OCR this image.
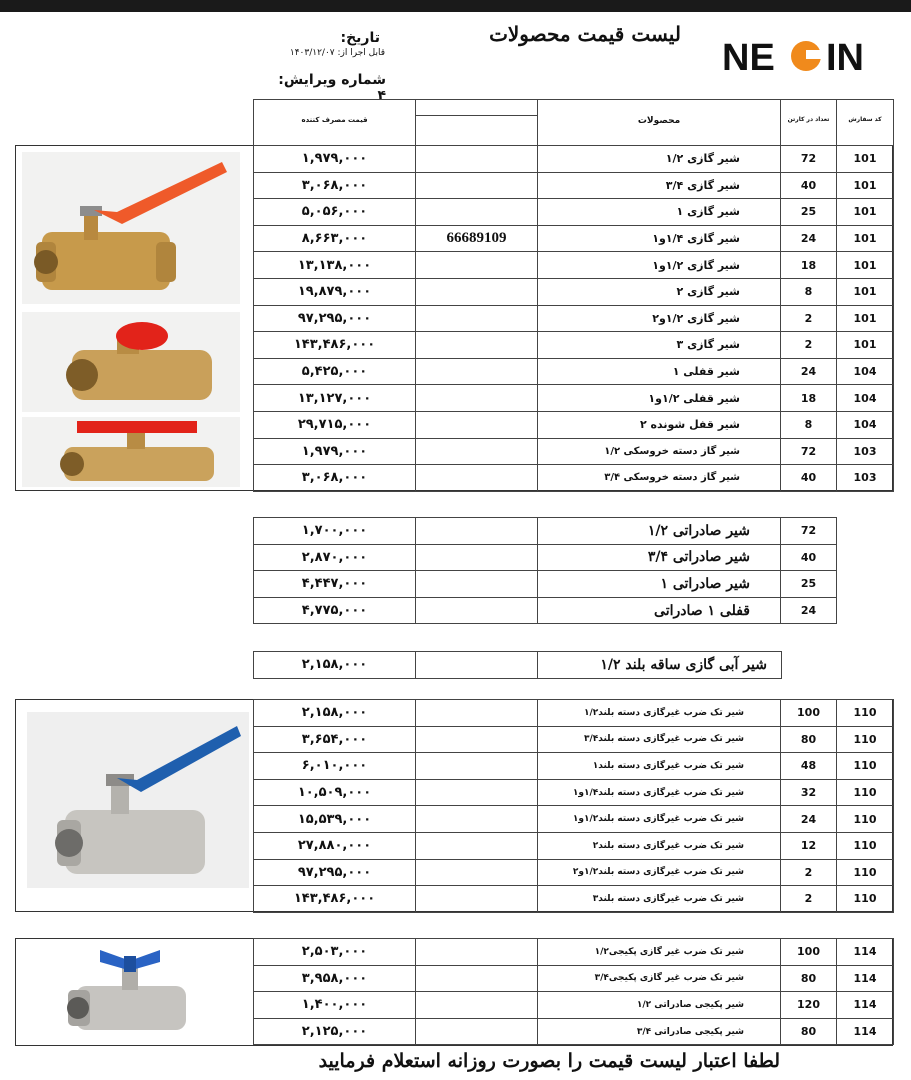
NE IN
لیست قیمت محصولات
تاریخ:
قابل اجرا از: ۱۴۰۳/۱۲/۰۷
شماره ویرایش: ۴

قیمت مصرف کننده		محصولات	تعداد در کارتن	کد سفارش
۱,۹۷۹,۰۰۰		شیر گازی ۱/۲	72	101
۳,۰۶۸,۰۰۰		شیر گازی ۳/۴	40	101
۵,۰۵۶,۰۰۰		شیر گازی ۱	25	101
۸,۶۶۳,۰۰۰	66689109	شیر گازی ۱/۴و۱	24	101
۱۳,۱۳۸,۰۰۰		شیر گازی ۱/۲و۱	18	101
۱۹,۸۷۹,۰۰۰		شیر گازی ۲	8	101
۹۷,۲۹۵,۰۰۰		شیر گازی ۱/۲و۲	2	101
۱۴۳,۴۸۶,۰۰۰		شیر گازی ۳	2	101
۵,۴۲۵,۰۰۰		شیر قفلی ۱	24	104
۱۳,۱۲۷,۰۰۰		شیر قفلی ۱/۲و۱	18	104
۲۹,۷۱۵,۰۰۰		شیر قفل شونده ۲	8	104
۱,۹۷۹,۰۰۰		شیر گاز دسته خروسکی ۱/۲	72	103
۳,۰۶۸,۰۰۰		شیر گاز دسته خروسکی ۳/۴	40	103
۱,۷۰۰,۰۰۰		شیر صادراتی ۱/۲	72
۲,۸۷۰,۰۰۰		شیر صادراتی ۳/۴	40
۴,۴۴۷,۰۰۰		شیر صادراتی ۱	25
۴,۷۷۵,۰۰۰		قفلی ۱ صادراتی	24
۲,۱۵۸,۰۰۰		شیر آبی گازی ساقه بلند ۱/۲
۲,۱۵۸,۰۰۰		شیر تک ضرب غیرگازی دسته بلند۱/۲	100	110
۳,۶۵۴,۰۰۰		شیر تک ضرب غیرگازی دسته بلند۳/۴	80	110
۶,۰۱۰,۰۰۰		شیر تک ضرب غیرگازی دسته بلند۱	48	110
۱۰,۵۰۹,۰۰۰		شیر تک ضرب غیرگازی دسته بلند۱/۴و۱	32	110
۱۵,۵۳۹,۰۰۰		شیر تک ضرب غیرگازی دسته بلند۱/۲و۱	24	110
۲۷,۸۸۰,۰۰۰		شیر تک ضرب غیرگازی دسته بلند۲	12	110
۹۷,۲۹۵,۰۰۰		شیر تک ضرب غیرگازی دسته بلند۱/۲و۲	2	110
۱۴۳,۴۸۶,۰۰۰		شیر تک ضرب غیرگازی دسته بلند۳	2	110
۲,۵۰۳,۰۰۰		شیر تک ضرب غیر گازی پکیجی۱/۲	100	114
۳,۹۵۸,۰۰۰		شیر تک ضرب غیر گازی پکیجی۳/۴	80	114
۱,۴۰۰,۰۰۰		شیر پکیجی صادراتی ۱/۲	120	114
۲,۱۲۵,۰۰۰		شیر پکیجی صادراتی ۳/۴	80	114
لطفا اعتبار لیست قیمت را بصورت روزانه استعلام فرمایید
